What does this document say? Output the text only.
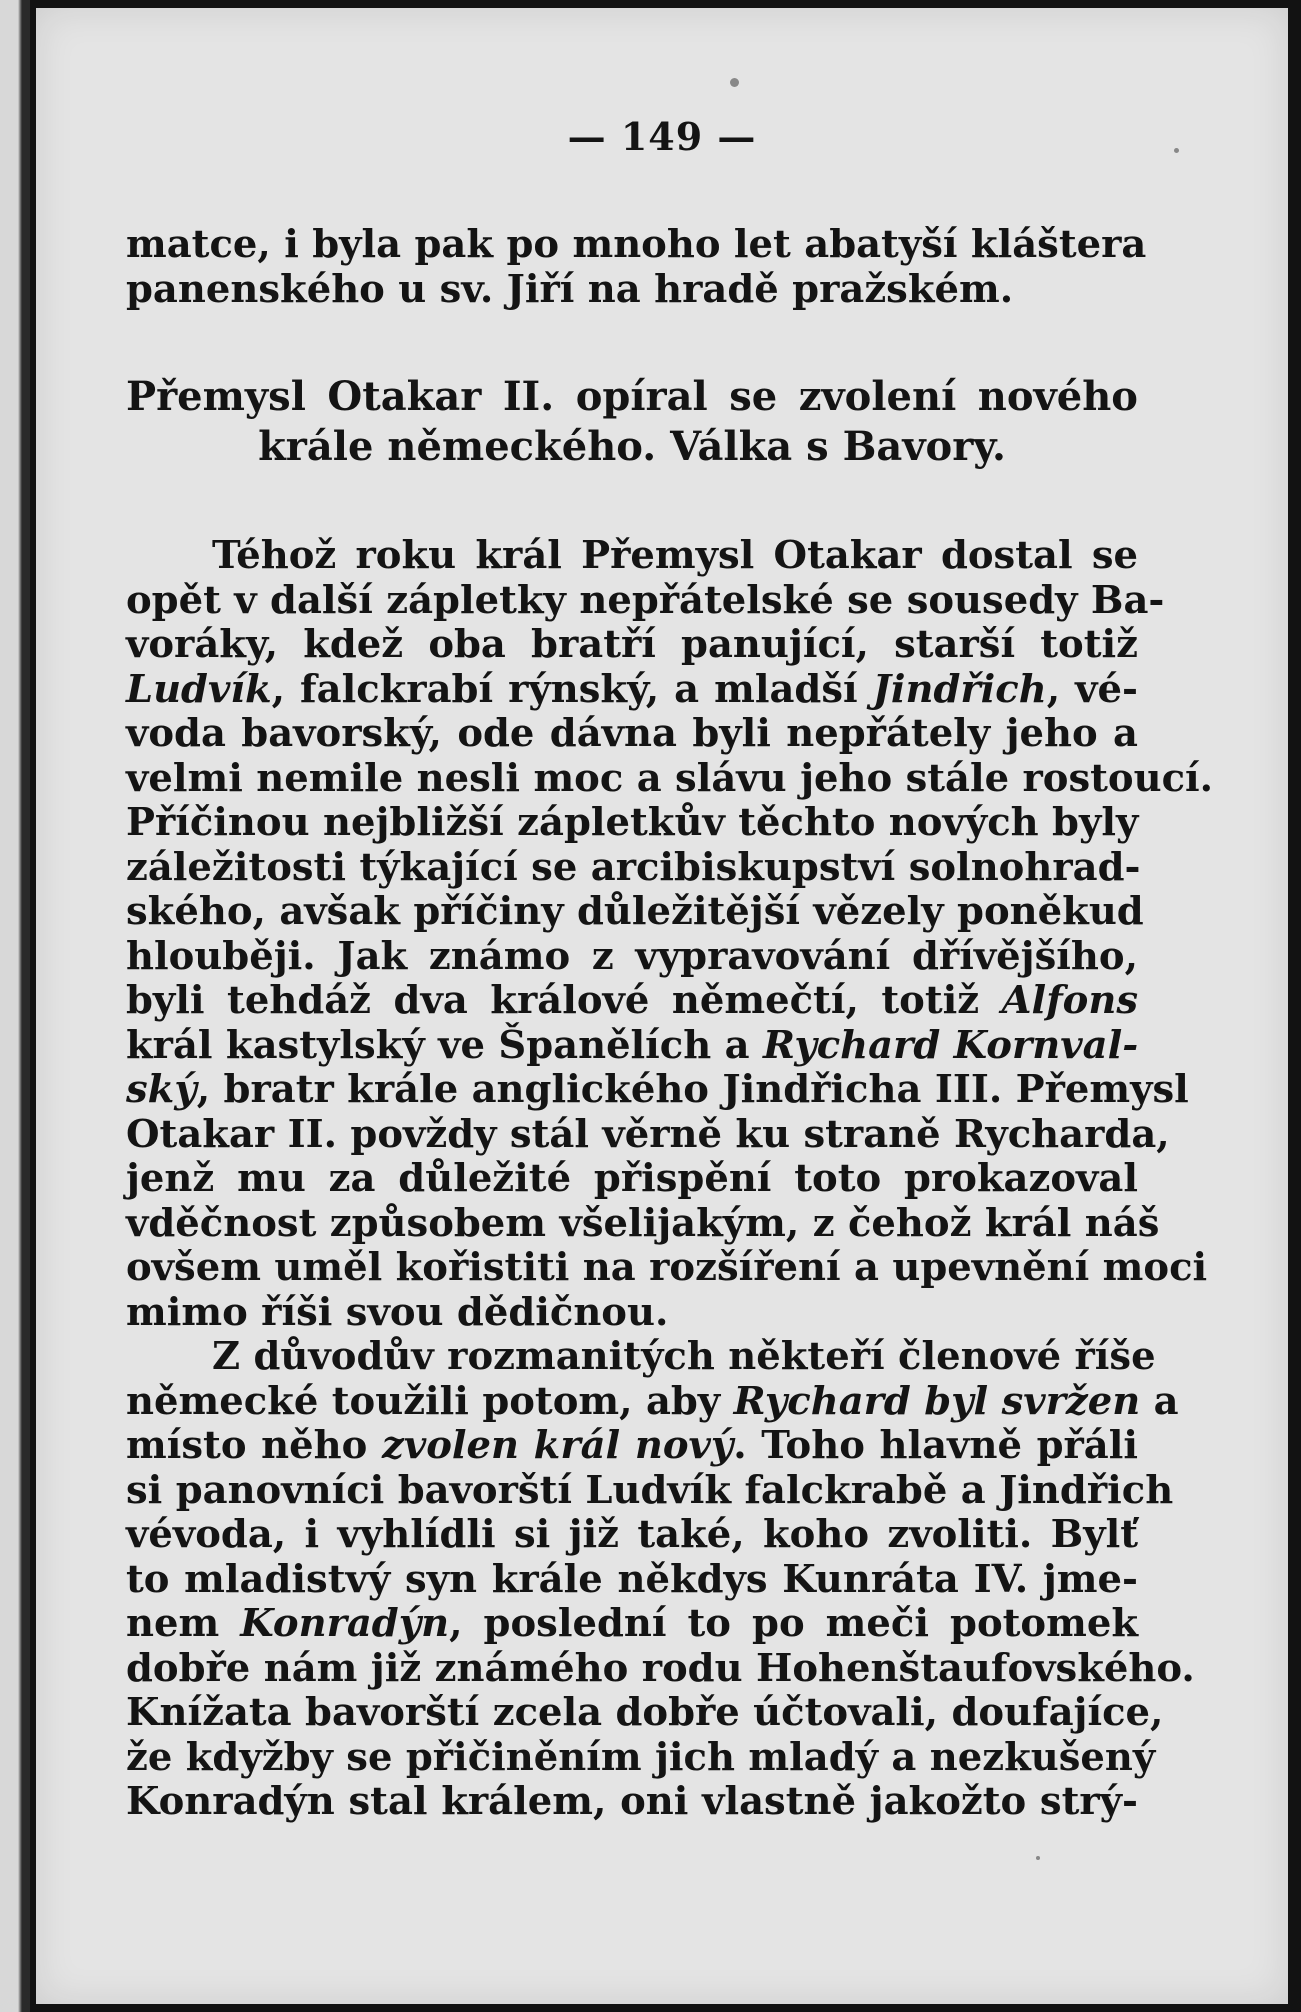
— 149 —
matce, i byla pak po mnoho let abatyší kláštera
panenského u sv. Jiří na hradě pražském.
Přemysl Otakar II. opíral se zvolení nového
krále německého. Válka s Bavory.
Téhož roku král Přemysl Otakar dostal se
opět v další zápletky nepřátelské se sousedy Ba-
voráky, kdež oba bratří panující, starší totiž
Ludvík, falckrabí rýnský, a mladší Jindřich, vé-
voda bavorský, ode dávna byli nepřátely jeho a
velmi nemile nesli moc a slávu jeho stále rostoucí.
Příčinou nejbližší zápletkův těchto nových byly
záležitosti týkající se arcibiskupství solnohrad-
ského, avšak příčiny důležitější vězely poněkud
hlouběji. Jak známo z vypravování dřívějšího,
byli tehdáž dva králové němečtí, totiž Alfons
král kastylský ve Španělích a Rychard Kornval-
ský, bratr krále anglického Jindřicha III. Přemysl
Otakar II. povždy stál věrně ku straně Rycharda,
jenž mu za důležité přispění toto prokazoval
vděčnost způsobem všelijakým, z čehož král náš
ovšem uměl kořistiti na rozšíření a upevnění moci
mimo říši svou dědičnou.
Z důvodův rozmanitých někteří členové říše
německé toužili potom, aby Rychard byl svržen a
místo něho zvolen král nový. Toho hlavně přáli
si panovníci bavorští Ludvík falckrabě a Jindřich
vévoda, i vyhlídli si již také, koho zvoliti. Bylť
to mladistvý syn krále někdys Kunráta IV. jme-
nem Konradýn, poslední to po meči potomek
dobře nám již známého rodu Hohenštaufovského.
Knížata bavorští zcela dobře účtovali, doufajíce,
že kdyžby se přičiněním jich mladý a nezkušený
Konradýn stal králem, oni vlastně jakožto strý-
